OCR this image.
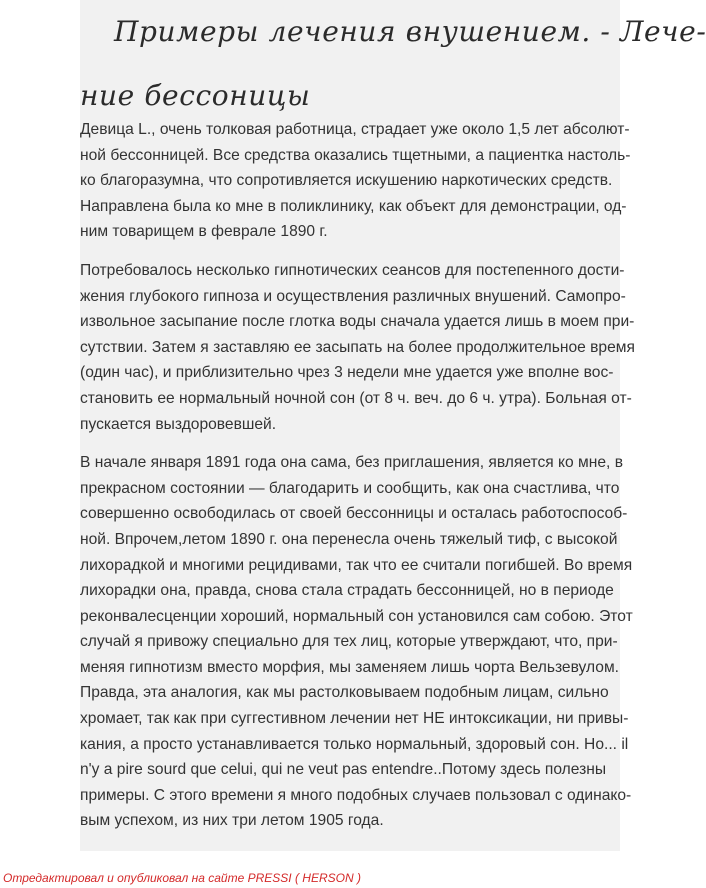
Примеры лечения внушением. - Лече-
ние бессоницы

Девица L., очень толковая работница, страдает уже около 1,5 лет абсолют-
ной бессонницей. Все средства оказались тщетными, а пациентка настоль-
ко благоразумна, что сопротивляется искушению наркотических средств.
Направлена была ко мне в поликлинику, как объект для демонстрации, од-
ним товарищем в феврале 1890 г.

Потребовалось несколько гипнотических сеансов для постепенного дости-
жения глубокого гипноза и осуществления различных внушений. Самопро-
извольное засыпание после глотка воды сначала удается лишь в моем при-
сутствии. Затем я заставляю ее засыпать на более продолжительное время
(один час), и приблизительно чрез 3 недели мне удается уже вполне вос-
становить ее нормальный ночной сон (от 8 ч. веч. до 6 ч. утра). Больная от-
пускается выздоровевшей.

В начале января 1891 года она сама, без приглашения, является ко мне, в
прекрасном состоянии — благодарить и сообщить, как она счастлива, что
совершенно освободилась от своей бессонницы и осталась работоспособ-
ной. Впрочем,летом 1890 г. она перенесла очень тяжелый тиф, с высокой
лихорадкой и многими рецидивами, так что ее считали погибшей. Во время
лихорадки она, правда, снова стала страдать бессонницей, но в периоде
реконвалесценции хороший, нормальный сон установился сам собою. Этот
случай я привожу специально для тех лиц, которые утверждают, что, при-
меняя гипнотизм вместо морфия, мы заменяем лишь чорта Вельзевулом.
Правда, эта аналогия, как мы растолковываем подобным лицам, сильно
хромает, так как при суггестивном лечении нет НЕ интоксикации, ни привы-
кания, а просто устанавливается только нормальный, здоровый сон. Но... il
n'y a pire sourd que celui, qui ne veut pas entendre..Потому здесь полезны
примеры. С этого времени я много подобных случаев пользовал с одинако-
вым успехом, из них три летом 1905 года.

Отредактировал и опубликовал на сайте PRESSI ( HERSON )
